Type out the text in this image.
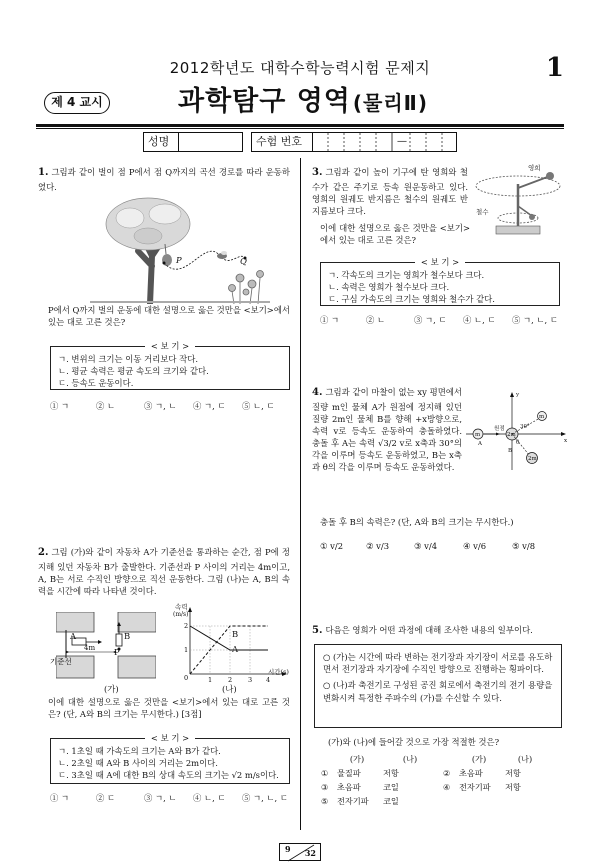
2012학년도 대학수학능력시험 문제지	1
제 4 교시	과학탐구 영역 (물리Ⅱ)
성명	수험 번호	—
1. 그림과 같이 벌이 점 P에서 점 Q까지의 곡선 경로를 따라 운동하였다.
P	Q
P에서 Q까지 벌의 운동에 대한 설명으로 옳은 것만을 <보기>에서 있는 대로 고른 것은?
< 보 기 >
ㄱ. 변위의 크기는 이동 거리보다 작다.
ㄴ. 평균 속력은 평균 속도의 크기와 같다.
ㄷ. 등속도 운동이다.
① ㄱ	② ㄴ	③ ㄱ, ㄴ ④ ㄱ, ㄷ ⑤ ㄴ, ㄷ
2. 그림 (가)와 같이 자동차 A가 기준선을 통과하는 순간, 점 P에 정지해 있던 자동차 B가 출발한다. 기준선과 P 사이의 거리는 4m이고, A, B는 서로 수직인 방향으로 직선 운동한다. 그림 (나)는 A, B의 속력을 시간에 따라 나타낸 것이다.
A	B
P
4m
기준선
2
1
0	1 2 3 4
속력
(m/s)
시간(s)
B
A
(가)	(나)
이에 대한 설명으로 옳은 것만을 <보기>에서 있는 대로 고른 것은? (단, A와 B의 크기는 무시한다.) [3점]
< 보 기 >
ㄱ. 1초일 때 가속도의 크기는 A와 B가 같다.
ㄴ. 2초일 때 A와 B 사이의 거리는 2m이다.
ㄷ. 3초일 때 A에 대한 B의 상대 속도의 크기는 √2 m/s이다.
① ㄱ	② ㄷ	③ ㄱ, ㄴ ④ ㄴ, ㄷ ⑤ ㄱ, ㄴ, ㄷ
3. 그림과 같이 높이 기구에 탄 영희와 철수가 같은 주기로 등속 원운동하고 있다. 영희의 원궤도 반지름은 철수의 원궤도 반지름보다 크다.
이에 대한 설명으로 옳은 것만을 <보기>에서 있는 대로 고른 것은?
영희
철수
< 보 기 >
ㄱ. 각속도의 크기는 영희가 철수보다 크다.
ㄴ. 속력은 영희가 철수보다 크다.
ㄷ. 구심 가속도의 크기는 영희와 철수가 같다.
① ㄱ	② ㄴ	③ ㄱ, ㄷ ④ ㄴ, ㄷ ⑤ ㄱ, ㄴ, ㄷ
4. 그림과 같이 마찰이 없는 xy 평면에서 질량 m인 물체 A가 원점에 정지해 있던 질량 2m인 물체 B를 향해 +x방향으로, 속력 v로 등속도 운동하여 충돌하였다. 충돌 후 A는 속력 √3/2 v로 x축과 30°의 각을 이루며 등속도 운동하였고, B는 x축과 θ의 각을 이루며 등속도 운동하였다.
m
A
2m
B
m
2m
원점
x
y
30°
θ
충돌 후 B의 속력은? (단, A와 B의 크기는 무시한다.)
① v/2	② v/3	③ v/4	④ v/6	⑤ v/8
5. 다음은 영희가 어떤 과정에 대해 조사한 내용의 일부이다.
○ (가)는 시간에 따라 변하는 전기장과 자기장이 서로를 유도하면서 전기장과 자기장에 수직인 방향으로 진행하는 횡파이다.
○ (나)과 축전기로 구성된 공진 회로에서 축전기의 전기 용량을 변화시켜 특정한 주파수의 (가)를 수신할 수 있다.
(가)와 (나)에 들어갈 것으로 가장 적절한 것은?
	(가)	(나)		(가)	(나)
①	물질파	저항	②	초음파	저항
③	초음파	코일	④	전자기파	저항
⑤	전자기파	코일			
9 32
